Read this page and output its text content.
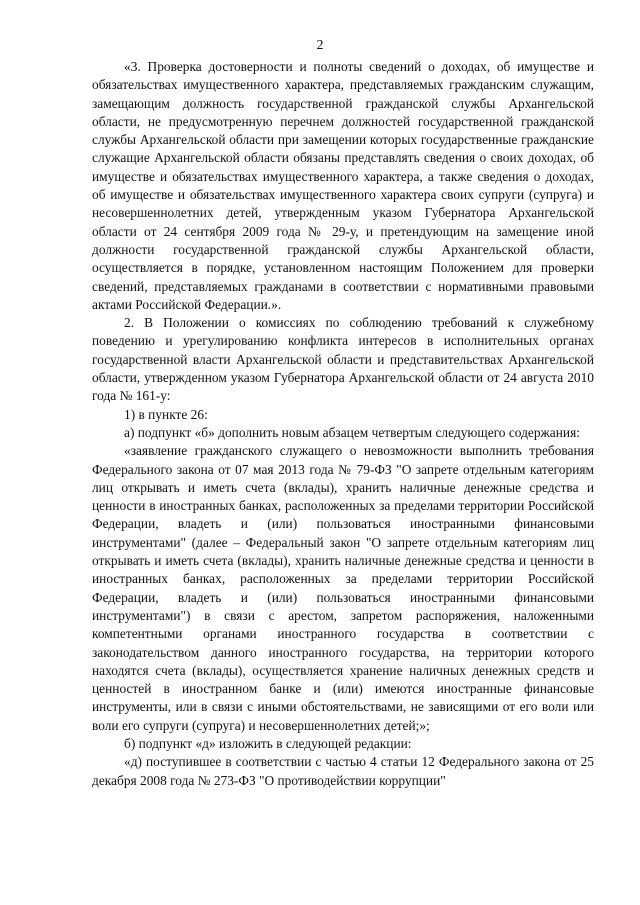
2

«3. Проверка достоверности и полноты сведений о доходах, об имуществе и обязательствах имущественного характера, представляемых гражданским служащим, замещающим должность государственной гражданской службы Архангельской области, не предусмотренную перечнем должностей государственной гражданской службы Архангельской области при замещении которых государственные гражданские служащие Архангельской области обязаны представлять сведения о своих доходах, об имуществе и обязательствах имущественного характера, а также сведения о доходах, об имуществе и обязательствах имущественного характера своих супруги (супруга) и несовершеннолетних детей, утвержденным указом Губернатора Архангельской области от 24 сентября 2009 года № 29-у, и претендующим на замещение иной должности государственной гражданской службы Архангельской области, осуществляется в порядке, установленном настоящим Положением для проверки сведений, представляемых гражданами в соответствии с нормативными правовыми актами Российской Федерации.».

2. В Положении о комиссиях по соблюдению требований к служебному поведению и урегулированию конфликта интересов в исполнительных органах государственной власти Архангельской области и представительствах Архангельской области, утвержденном указом Губернатора Архангельской области от 24 августа 2010 года № 161-у:

1) в пункте 26:

а) подпункт «б» дополнить новым абзацем четвертым следующего содержания:

«заявление гражданского служащего о невозможности выполнить требования Федерального закона от 07 мая 2013 года № 79-ФЗ "О запрете отдельным категориям лиц открывать и иметь счета (вклады), хранить наличные денежные средства и ценности в иностранных банках, расположенных за пределами территории Российской Федерации, владеть и (или) пользоваться иностранными финансовыми инструментами" (далее – Федеральный закон "О запрете отдельным категориям лиц открывать и иметь счета (вклады), хранить наличные денежные средства и ценности в иностранных банках, расположенных за пределами территории Российской Федерации, владеть и (или) пользоваться иностранными финансовыми инструментами") в связи с арестом, запретом распоряжения, наложенными компетентными органами иностранного государства в соответствии с законодательством данного иностранного государства, на территории которого находятся счета (вклады), осуществляется хранение наличных денежных средств и ценностей в иностранном банке и (или) имеются иностранные финансовые инструменты, или в связи с иными обстоятельствами, не зависящими от его воли или воли его супруги (супруга) и несовершеннолетних детей;»;

б) подпункт «д» изложить в следующей редакции:

«д) поступившее в соответствии с частью 4 статьи 12 Федерального закона от 25 декабря 2008 года № 273-ФЗ "О противодействии коррупции"
